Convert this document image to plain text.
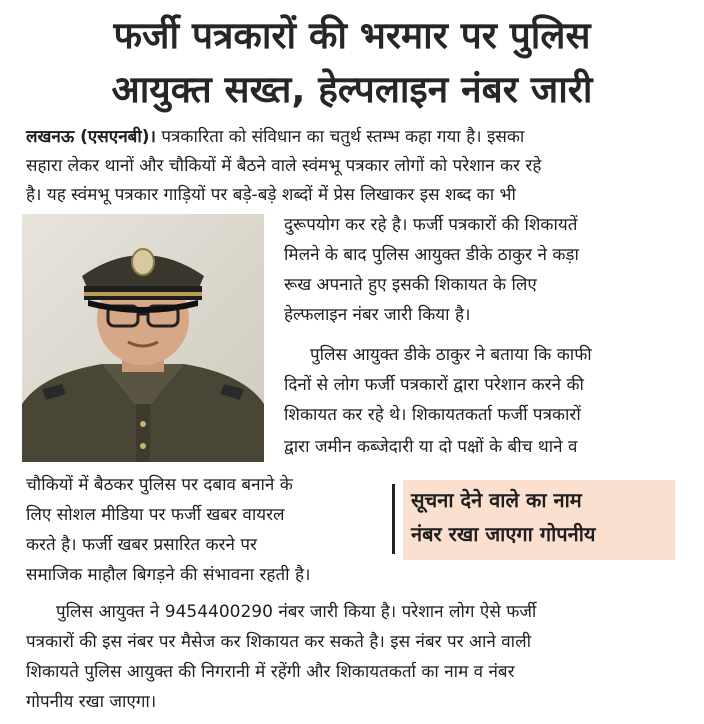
फर्जी पत्रकारों की भरमार पर पुलिस
आयुक्त सख्त, हेल्पलाइन नंबर जारी
लखनऊ (एसएनबी)। पत्रकारिता को संविधान का चतुर्थ स्तम्भ कहा गया है। इसका
सहारा लेकर थानों और चौकियों में बैठने वाले स्वंमभू पत्रकार लोगों को परेशान कर रहे
है। यह स्वंमभू पत्रकार गाड़ियों पर बड़े-बड़े शब्दों में प्रेस लिखाकर इस शब्द का भी
दुरूपयोग कर रहे है। फर्जी पत्रकारों की शिकायतें
मिलने के बाद पुलिस आयुक्त डीके ठाकुर ने कड़ा
रूख अपनाते हुए इसकी शिकायत के लिए
हेल्फलाइन नंबर जारी किया है।
पुलिस आयुक्त डीके ठाकुर ने बताया कि काफी
दिनों से लोग फर्जी पत्रकारों द्वारा परेशान करने की
शिकायत कर रहे थे। शिकायतकर्ता फर्जी पत्रकारों
द्वारा जमीन कब्जेदारी या दो पक्षों के बीच थाने व
चौकियों में बैठकर पुलिस पर दबाव बनाने के
लिए सोशल मीडिया पर फर्जी खबर वायरल
करते है। फर्जी खबर प्रसारित करने पर
समाजिक माहौल बिगड़ने की संभावना रहती है।
पुलिस आयुक्त ने 9454400290 नंबर जारी किया है। परेशान लोग ऐसे फर्जी
पत्रकारों की इस नंबर पर मैसेज कर शिकायत कर सकते है। इस नंबर पर आने वाली
शिकायते पुलिस आयुक्त की निगरानी में रहेंगी और शिकायतकर्ता का नाम व नंबर
गोपनीय रखा जाएगा।
सूचना देने वाले का नाम
नंबर रखा जाएगा गोपनीय
